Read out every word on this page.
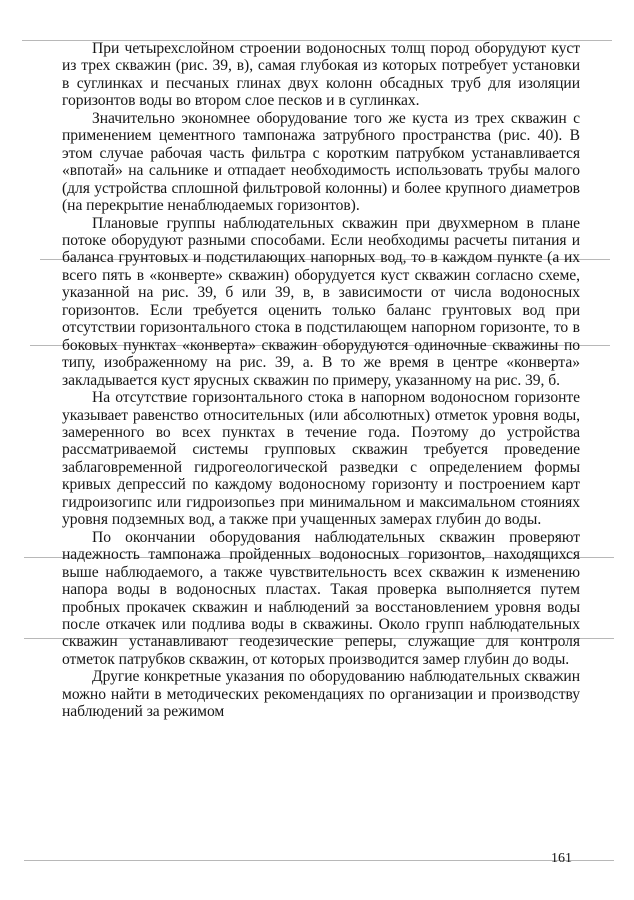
При четырехслойном строении водоносных толщ пород оборудуют куст из трех скважин (рис. 39, в), самая глубокая из которых потребует установки в суглинках и песчаных глинах двух колонн обсадных труб для изоляции горизонтов воды во втором слое песков и в суглинках.

Значительно экономнее оборудование того же куста из трех скважин с применением цементного тампонажа затрубного пространства (рис. 40). В этом случае рабочая часть фильтра с коротким патрубком устанавливается «впотай» на сальнике и отпадает необходимость использовать трубы малого (для устройства сплошной фильтровой колонны) и более крупного диаметров (на перекрытие ненаблюдаемых горизонтов).

Плановые группы наблюдательных скважин при двухмерном в плане потоке оборудуют разными способами. Если необходимы расчеты питания и баланса грунтовых и подстилающих напорных вод, то в каждом пункте (а их всего пять в «конверте» скважин) оборудуется куст скважин согласно схеме, указанной на рис. 39, б или 39, в, в зависимости от числа водоносных горизонтов. Если требуется оценить только баланс грунтовых вод при отсутствии горизонтального стока в подстилающем напорном горизонте, то в боковых пунктах «конверта» скважин оборудуются одиночные скважины по типу, изображенному на рис. 39, а. В то же время в центре «конверта» закладывается куст ярусных скважин по примеру, указанному на рис. 39, б.

На отсутствие горизонтального стока в напорном водоносном горизонте указывает равенство относительных (или абсолютных) отметок уровня воды, замеренного во всех пунктах в течение года. Поэтому до устройства рассматриваемой системы групповых скважин требуется проведение заблаговременной гидрогеологической разведки с определением формы кривых депрессий по каждому водоносному горизонту и построением карт гидроизогипс или гидроизопьез при минимальном и максимальном стояниях уровня подземных вод, а также при учащенных замерах глубин до воды.

По окончании оборудования наблюдательных скважин проверяют надежность тампонажа пройденных водоносных горизонтов, находящихся выше наблюдаемого, а также чувствительность всех скважин к изменению напора воды в водоносных пластах. Такая проверка выполняется путем пробных прокачек скважин и наблюдений за восстановлением уровня воды после откачек или подлива воды в скважины. Около групп наблюдательных скважин устанавливают геодезические реперы, служащие для контроля отметок патрубков скважин, от которых производится замер глубин до воды.

Другие конкретные указания по оборудованию наблюдательных скважин можно найти в методических рекомендациях по организации и производству наблюдений за режимом

161
